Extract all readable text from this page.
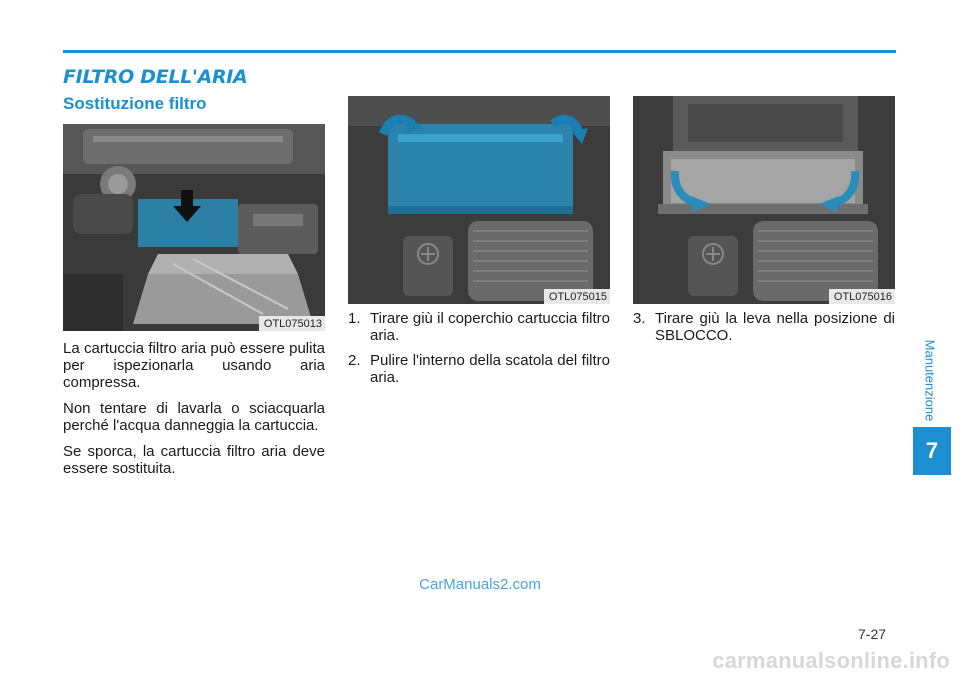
FILTRO DELL'ARIA
Sostituzione filtro
OTL075013
OTL075015	OTL075016

La cartuccia filtro aria può essere pulita per ispezionarla usando aria compressa.

Non tentare di lavarla o sciacquarla perché l'acqua danneggia la cartuccia.

Se sporca, la cartuccia filtro aria deve essere sostituita.

1. Tirare giù il coperchio cartuccia filtro aria.
2. Pulire l'interno della scatola del filtro aria.
3. Tirare giù la leva nella posizione di SBLOCCO.
Manutenzione
7
CarManuals2.com
7-27
carmanualsonline.info
